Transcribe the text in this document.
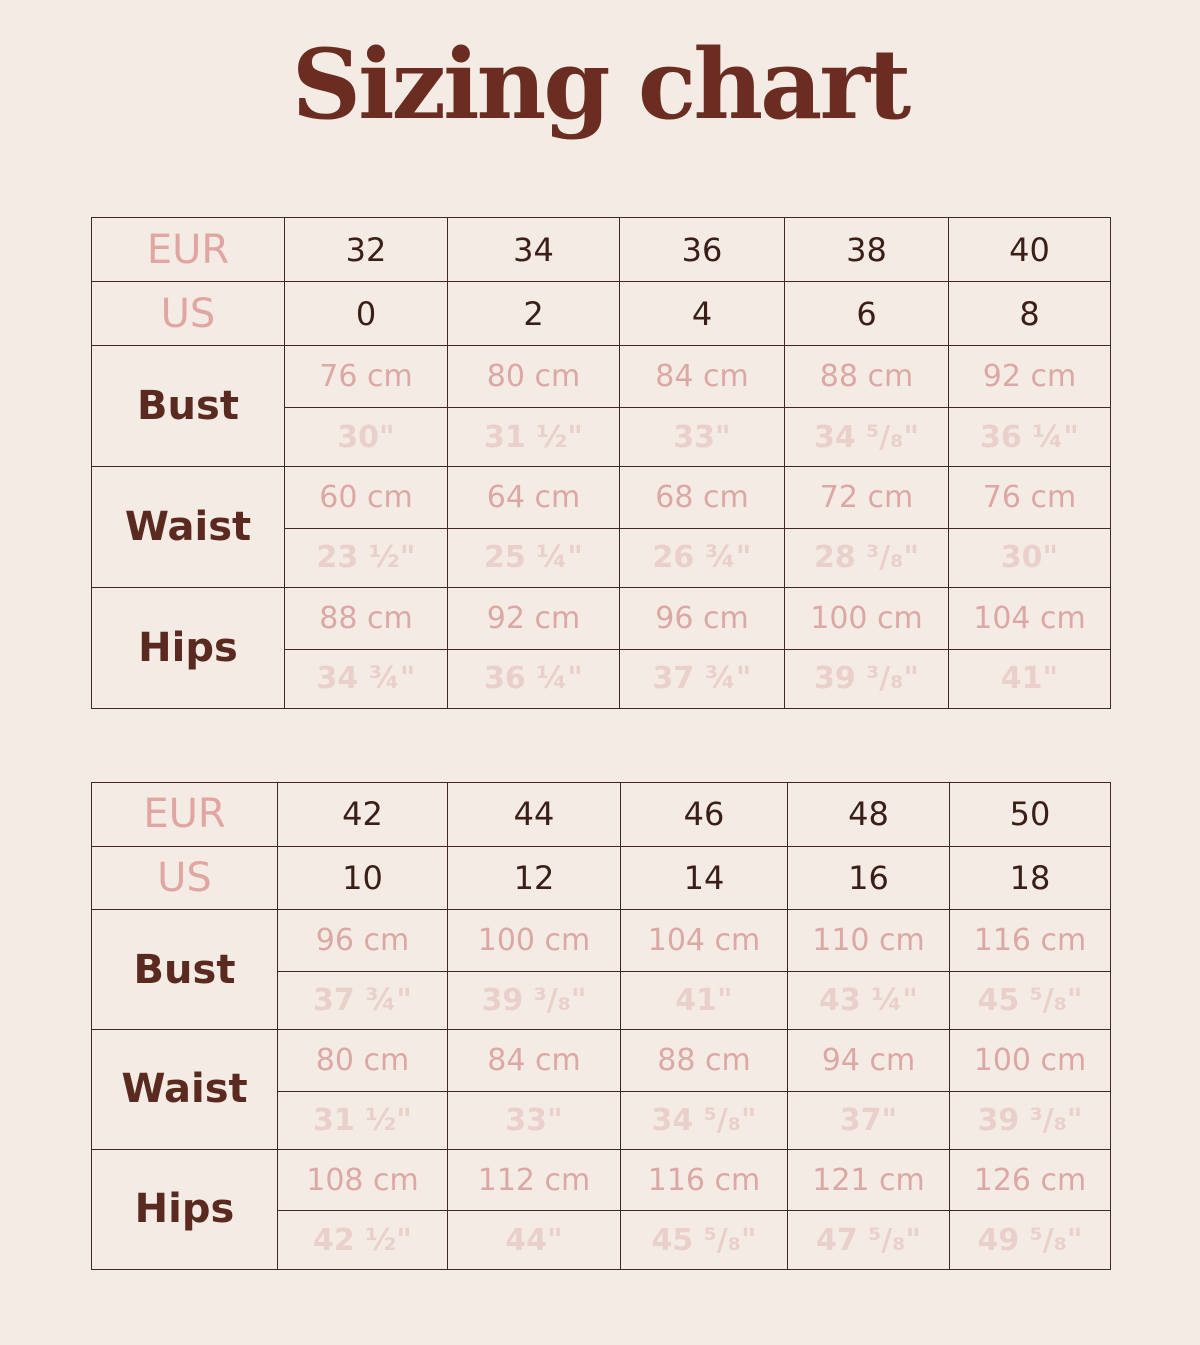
Sizing chart
EUR	32	34	36	38	40
US	0	2	4	6	8
Bust	76 cm	80 cm	84 cm	88 cm	92 cm
	30"	31 ½"	33"	34 ⁵/₈"	36 ¼"
Waist	60 cm	64 cm	68 cm	72 cm	76 cm
	23 ½"	25 ¼"	26 ¾"	28 ³/₈"	30"
Hips	88 cm	92 cm	96 cm	100 cm	104 cm
	34 ¾"	36 ¼"	37 ¾"	39 ³/₈"	41"
EUR	42	44	46	48	50
US	10	12	14	16	18
Bust	96 cm	100 cm	104 cm	110 cm	116 cm
	37 ¾"	39 ³/₈"	41"	43 ¼"	45 ⁵/₈"
Waist	80 cm	84 cm	88 cm	94 cm	100 cm
	31 ½"	33"	34 ⁵/₈"	37"	39 ³/₈"
Hips	108 cm	112 cm	116 cm	121 cm	126 cm
	42 ½"	44"	45 ⁵/₈"	47 ⁵/₈"	49 ⁵/₈"
